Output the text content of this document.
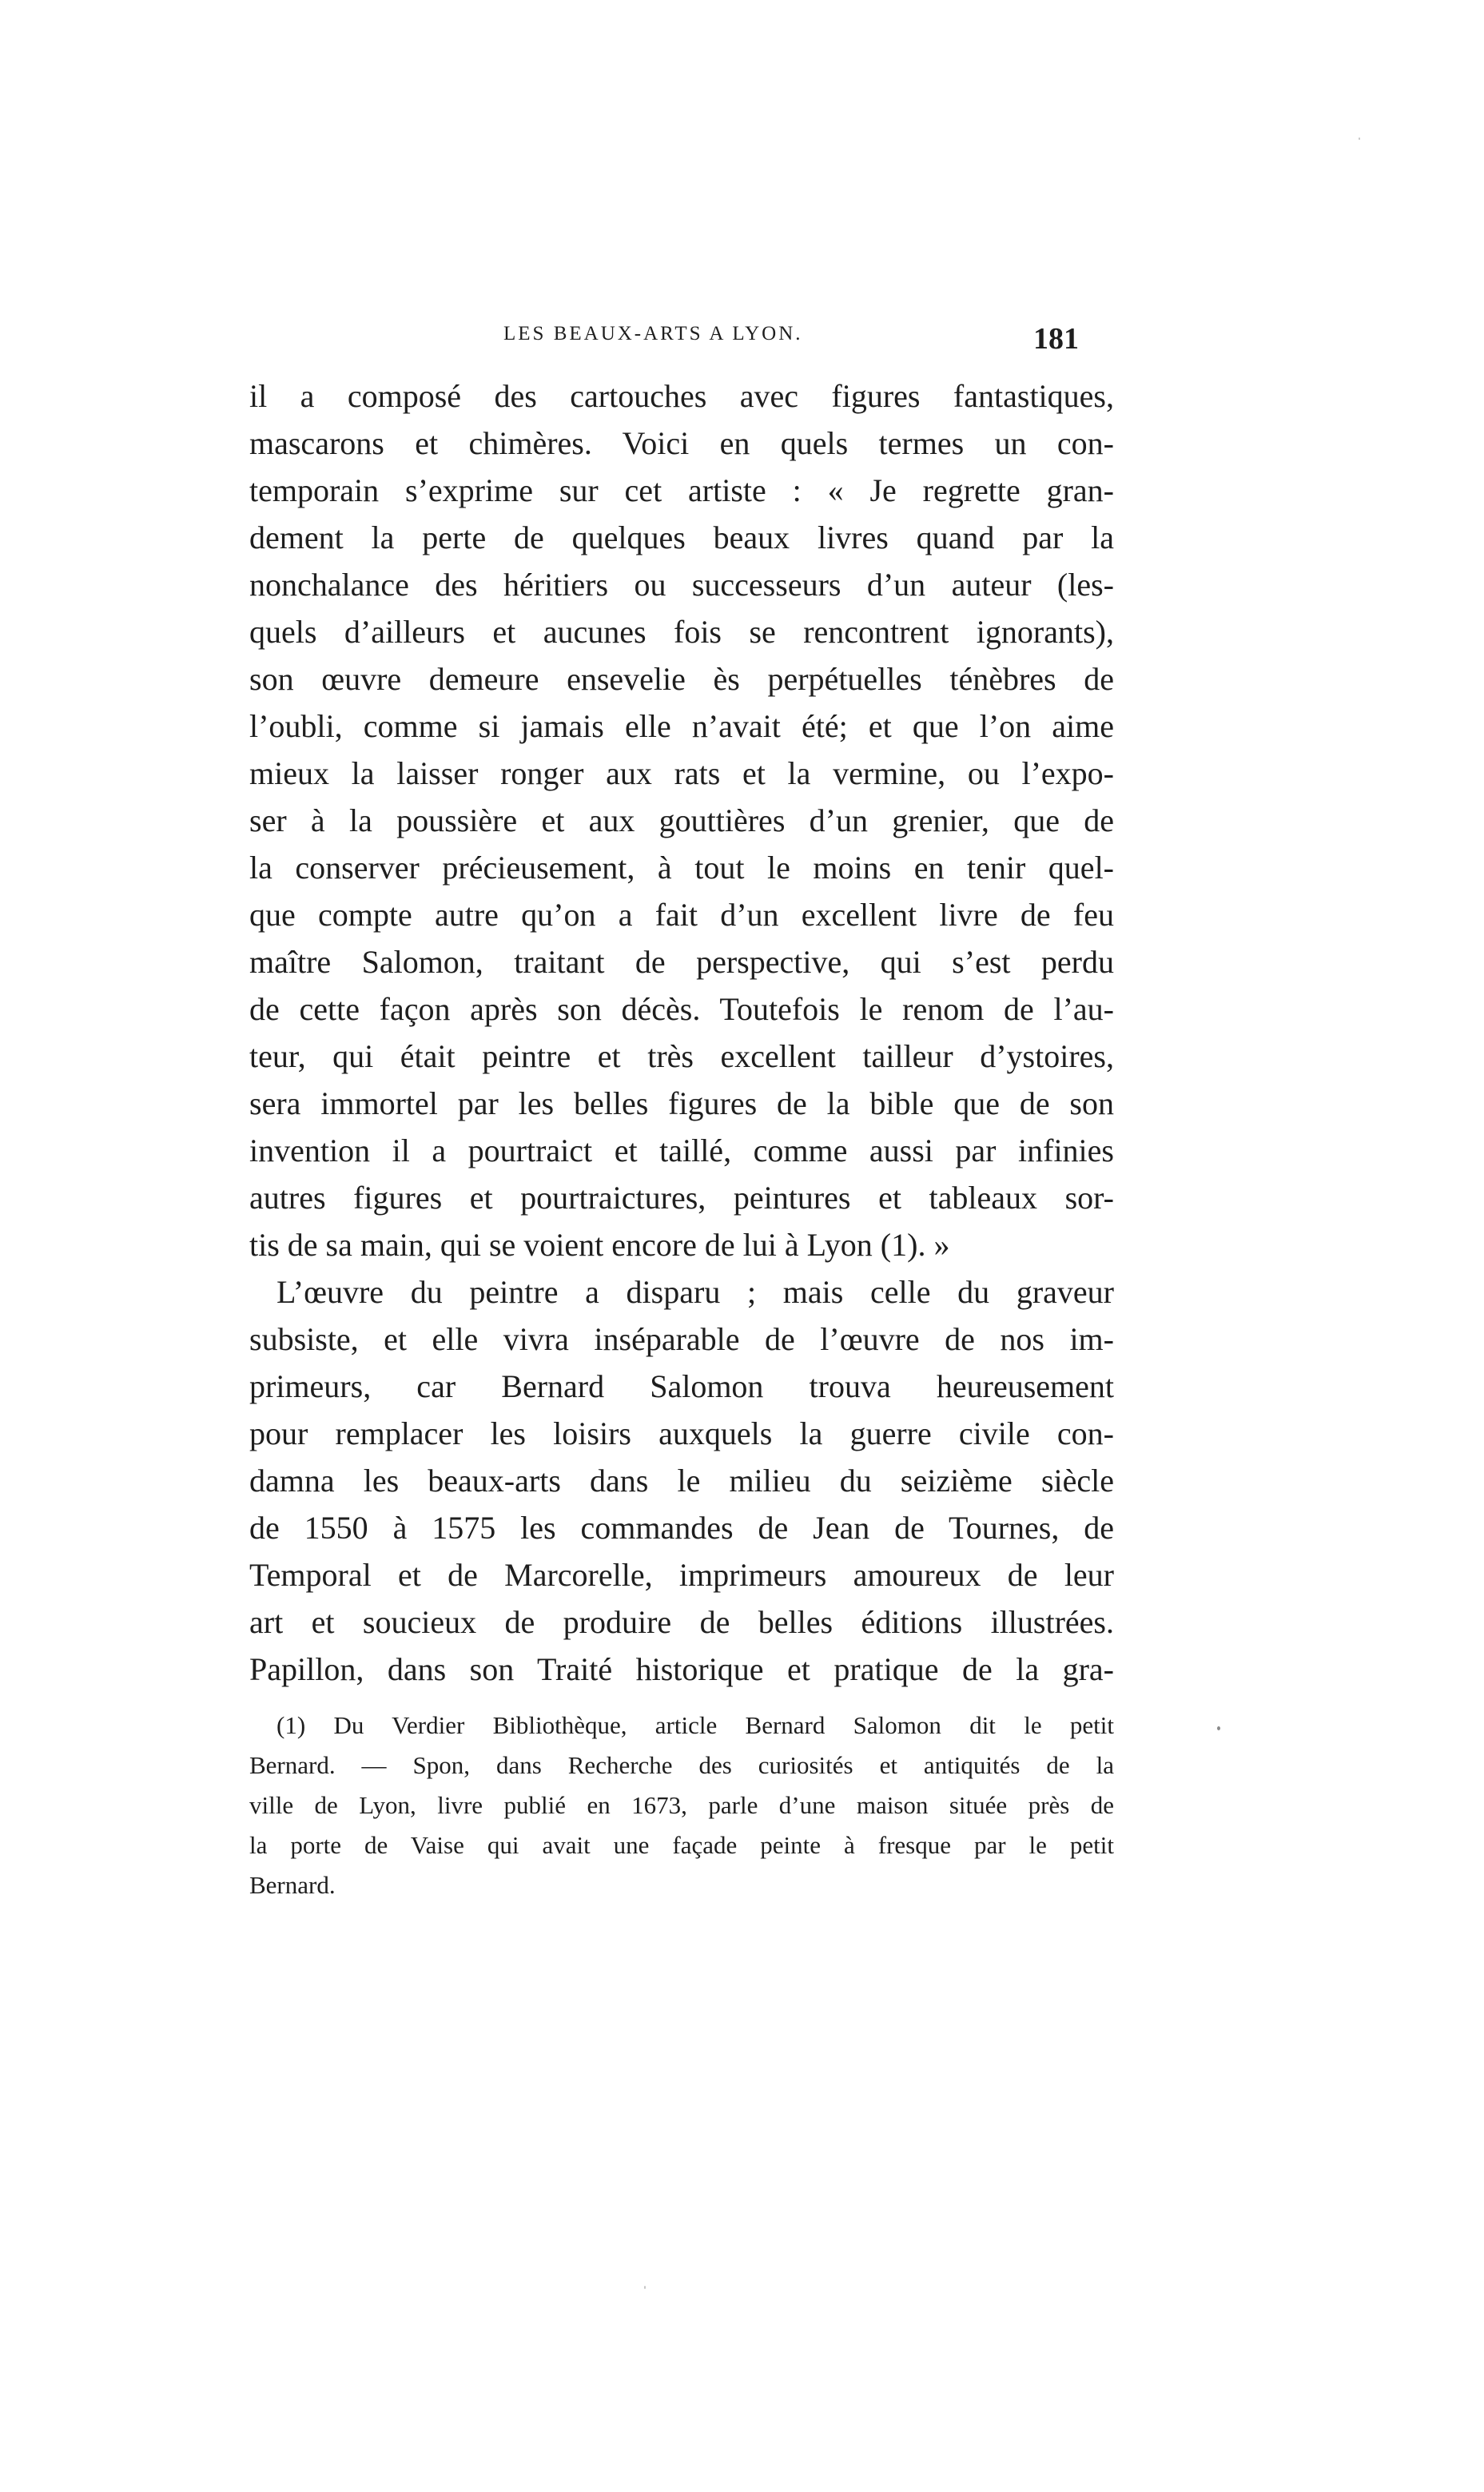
LES BEAUX-ARTS A LYON.	181
il a composé des cartouches avec figures fantastiques,
mascarons et chimères. Voici en quels termes un con-
temporain s’exprime sur cet artiste : « Je regrette gran-
dement la perte de quelques beaux livres quand par la
nonchalance des héritiers ou successeurs d’un auteur (les-
quels d’ailleurs et aucunes fois se rencontrent ignorants),
son œuvre demeure ensevelie ès perpétuelles ténèbres de
l’oubli, comme si jamais elle n’avait été; et que l’on aime
mieux la laisser ronger aux rats et la vermine, ou l’expo-
ser à la poussière et aux gouttières d’un grenier, que de
la conserver précieusement, à tout le moins en tenir quel-
que compte autre qu’on a fait d’un excellent livre de feu
maître Salomon, traitant de perspective, qui s’est perdu
de cette façon après son décès. Toutefois le renom de l’au-
teur, qui était peintre et très excellent tailleur d’ystoires,
sera immortel par les belles figures de la bible que de son
invention il a pourtraict et taillé, comme aussi par infinies
autres figures et pourtraictures, peintures et tableaux sor-
tis de sa main, qui se voient encore de lui à Lyon (1). »
L’œuvre du peintre a disparu ; mais celle du graveur
subsiste, et elle vivra inséparable de l’œuvre de nos im-
primeurs, car Bernard Salomon trouva heureusement
pour remplacer les loisirs auxquels la guerre civile con-
damna les beaux-arts dans le milieu du seizième siècle
de 1550 à 1575 les commandes de Jean de Tournes, de
Temporal et de Marcorelle, imprimeurs amoureux de leur
art et soucieux de produire de belles éditions illustrées.
Papillon, dans son Traité historique et pratique de la gra-
(1) Du Verdier Bibliothèque, article Bernard Salomon dit le petit
Bernard. — Spon, dans Recherche des curiosités et antiquités de la
ville de Lyon, livre publié en 1673, parle d’une maison située près de
la porte de Vaise qui avait une façade peinte à fresque par le petit
Bernard.
